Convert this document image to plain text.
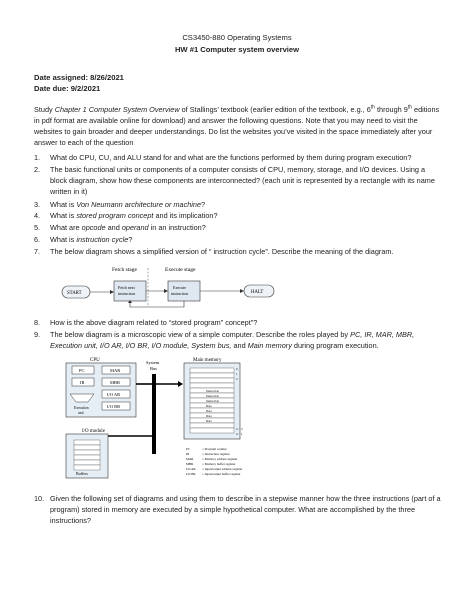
CS3450-880 Operating Systems
HW #1 Computer system overview
Date assigned: 8/26/2021
Date due: 9/2/2021
Study Chapter 1 Computer System Overview of Stallings’ textbook (earlier edition of the textbook, e.g., 6th through 9th editions in pdf format are available online for download) and answer the following questions. Note that you may need to visit the websites to gain broader and deeper understandings. Do list the websites you’ve visited in the space immediately after your answer to each of the question
1.	What do CPU, CU, and ALU stand for and what are the functions performed by them during program execution?
2.	The basic functional units or components of a computer consists of CPU, memory, storage, and I/O devices. Using a block diagram, show how these components are interconnected? (each unit is represented by a rectangle with its name written in it)
3.	What is Von Neumann architecture or machine?
4.	What is stored program concept and its implication?
5.	What are opcode and operand in an instruction?
6.	What is instruction cycle?
7.	The below diagram shows a simplified version of “ instruction cycle”. Describe the meaning of the diagram.
Fetch stage	Execute stage
START
Fetch next instruction
Execute instruction	HALT
8.	How is the above diagram related to “stored program” concept”?
9.	The below diagram is a microscopic view of a simple computer. Describe the roles played by PC, IR, MAR, MBR, Execution unit, I/O AR, I/O BR, I/O module, System bus, and Main memory during program execution.
CPU
PC	MAR
IR	MBR
I/O AR
I/O BR
Execution unit
System Bus
Main memory
Instruction
Instruction
Instruction
Data
Data
Data
Data
0
1
2
n − 2
n − 1
I/O module
Buffers
PC	= Program counter
IR	= Instruction register
MAR	= Memory address register
MBR	= Memory buffer register
I/O AR = Input/output address register
I/O BR = Input/output buffer register
10. Given the following set of diagrams and using them to describe in a stepwise manner how the three instructions (part of a program) stored in memory are executed by a simple hypothetical computer. What are accomplished by the three instructions?
